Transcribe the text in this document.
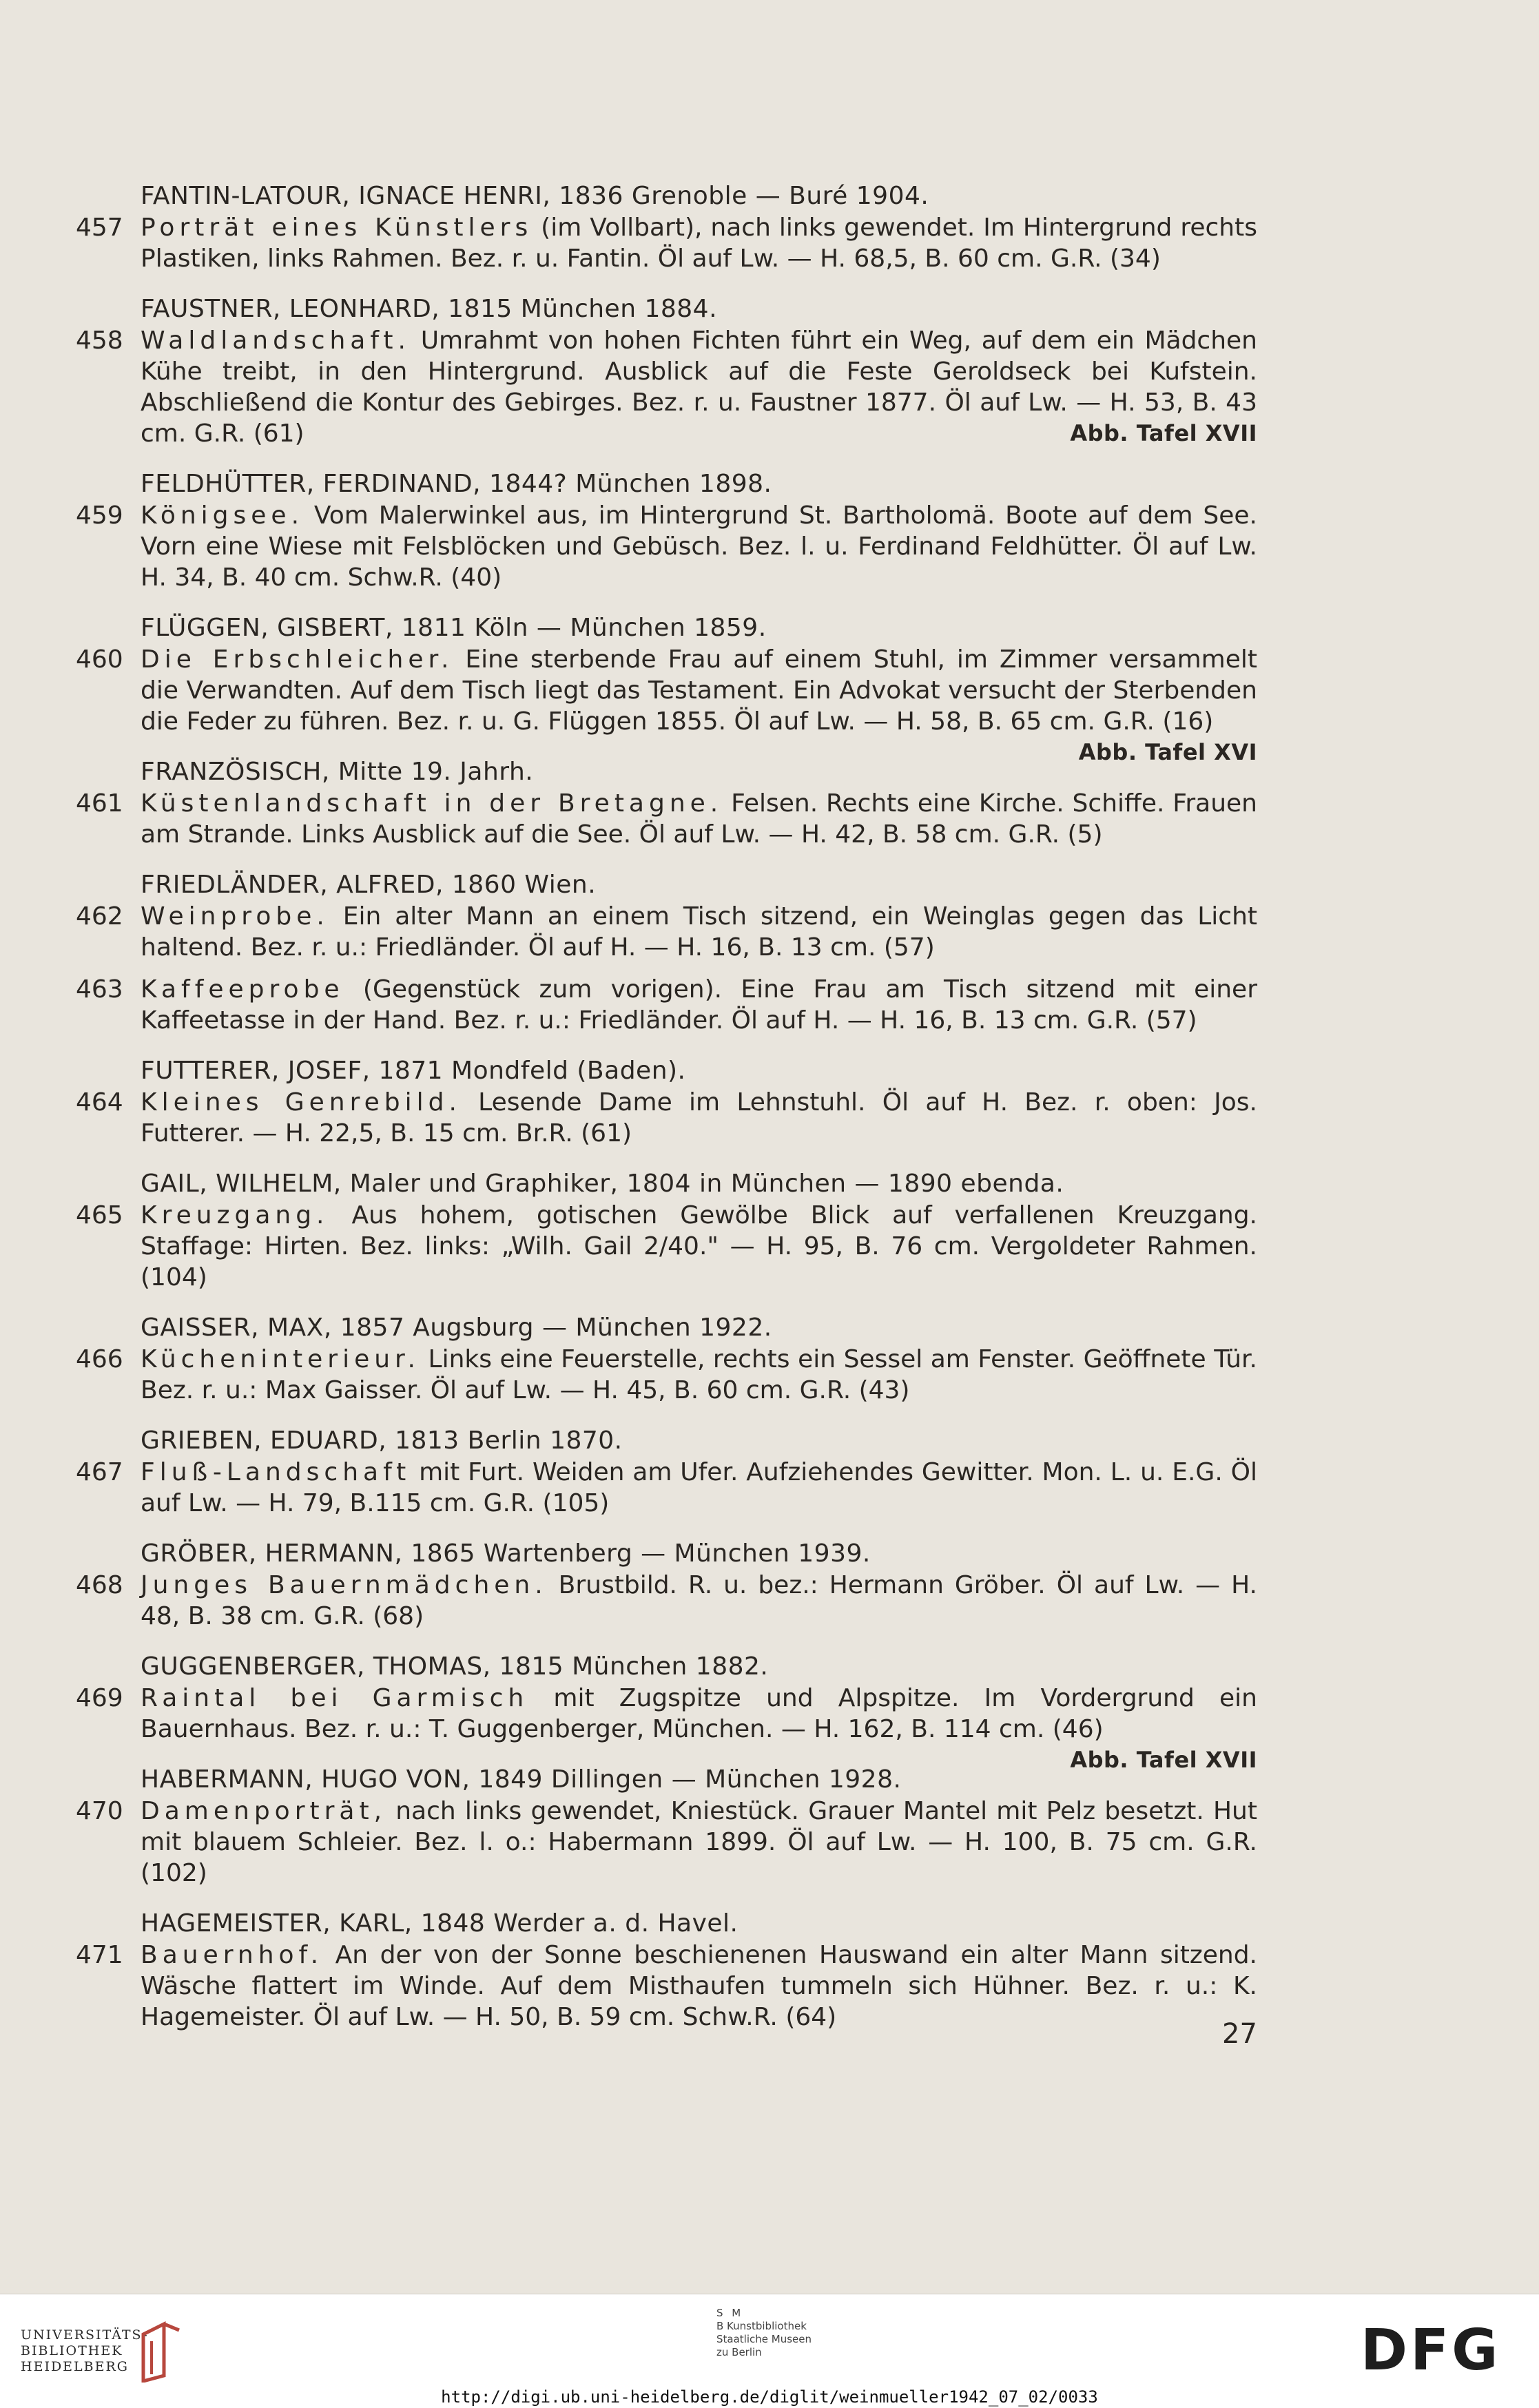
FANTIN-LATOUR, IGNACE HENRI, 1836 Grenoble — Buré 1904.
457 Porträt eines Künstlers (im Vollbart), nach links gewendet. Im Hintergrund rechts Plastiken, links Rahmen. Bez. r. u. Fantin. Öl auf Lw. — H. 68,5, B. 60 cm. G.R. (34)
FAUSTNER, LEONHARD, 1815 München 1884.
458 Waldlandschaft. Umrahmt von hohen Fichten führt ein Weg, auf dem ein Mädchen Kühe treibt, in den Hintergrund. Ausblick auf die Feste Geroldseck bei Kufstein. Abschließend die Kontur des Gebirges. Bez. r. u. Faustner 1877. Öl auf Lw. — H. 53, B. 43 cm. G.R. (61)	Abb. Tafel XVII
FELDHÜTTER, FERDINAND, 1844? München 1898.
459 Königsee. Vom Malerwinkel aus, im Hintergrund St. Bartholomä. Boote auf dem See. Vorn eine Wiese mit Felsblöcken und Gebüsch. Bez. l. u. Ferdinand Feldhütter. Öl auf Lw. H. 34, B. 40 cm. Schw.R. (40)
FLÜGGEN, GISBERT, 1811 Köln — München 1859.
460 Die Erbschleicher. Eine sterbende Frau auf einem Stuhl, im Zimmer versammelt die Verwandten. Auf dem Tisch liegt das Testament. Ein Advokat versucht der Sterbenden die Feder zu führen. Bez. r. u. G. Flüggen 1855. Öl auf Lw. — H. 58, B. 65 cm. G.R. (16)
Abb. Tafel XVI
FRANZÖSISCH, Mitte 19. Jahrh.
461 Küstenlandschaft in der Bretagne. Felsen. Rechts eine Kirche. Schiffe. Frauen am Strande. Links Ausblick auf die See. Öl auf Lw. — H. 42, B. 58 cm. G.R. (5)
FRIEDLÄNDER, ALFRED, 1860 Wien.
462 Weinprobe. Ein alter Mann an einem Tisch sitzend, ein Weinglas gegen das Licht haltend. Bez. r. u.: Friedländer. Öl auf H. — H. 16, B. 13 cm. (57)
463 Kaffeeprobe (Gegenstück zum vorigen). Eine Frau am Tisch sitzend mit einer Kaffeetasse in der Hand. Bez. r. u.: Friedländer. Öl auf H. — H. 16, B. 13 cm. G.R. (57)
FUTTERER, JOSEF, 1871 Mondfeld (Baden).
464 Kleines Genrebild. Lesende Dame im Lehnstuhl. Öl auf H. Bez. r. oben: Jos. Futterer. — H. 22,5, B. 15 cm. Br.R. (61)
GAIL, WILHELM, Maler und Graphiker, 1804 in München — 1890 ebenda.
465 Kreuzgang. Aus hohem, gotischen Gewölbe Blick auf verfallenen Kreuzgang. Staffage: Hirten. Bez. links: „Wilh. Gail 2/40." — H. 95, B. 76 cm. Vergoldeter Rahmen. (104)
GAISSER, MAX, 1857 Augsburg — München 1922.
466 Kücheninterieur. Links eine Feuerstelle, rechts ein Sessel am Fenster. Geöffnete Tür. Bez. r. u.: Max Gaisser. Öl auf Lw. — H. 45, B. 60 cm. G.R. (43)
GRIEBEN, EDUARD, 1813 Berlin 1870.
467 Fluß-Landschaft mit Furt. Weiden am Ufer. Aufziehendes Gewitter. Mon. L. u. E.G. Öl auf Lw. — H. 79, B.115 cm. G.R. (105)
GRÖBER, HERMANN, 1865 Wartenberg — München 1939.
468 Junges Bauernmädchen. Brustbild. R. u. bez.: Hermann Gröber. Öl auf Lw. — H. 48, B. 38 cm. G.R. (68)
GUGGENBERGER, THOMAS, 1815 München 1882.
469 Raintal bei Garmisch mit Zugspitze und Alpspitze. Im Vordergrund ein Bauernhaus. Bez. r. u.: T. Guggenberger, München. — H. 162, B. 114 cm. (46)
Abb. Tafel XVII
HABERMANN, HUGO VON, 1849 Dillingen — München 1928.
470 Damenporträt, nach links gewendet, Kniestück. Grauer Mantel mit Pelz besetzt. Hut mit blauem Schleier. Bez. l. o.: Habermann 1899. Öl auf Lw. — H. 100, B. 75 cm. G.R. (102)
HAGEMEISTER, KARL, 1848 Werder a. d. Havel.
471 Bauernhof. An der von der Sonne beschienenen Hauswand ein alter Mann sitzend. Wäsche flattert im Winde. Auf dem Misthaufen tummeln sich Hühner. Bez. r. u.: K. Hagemeister. Öl auf Lw. — H. 50, B. 59 cm. Schw.R. (64)
27
UNIVERSITÄTS-
BIBLIOTHEK
HEIDELBERG
S M
B Kunstbibliothek
Staatliche Museen
zu Berlin	DFG
http://digi.ub.uni-heidelberg.de/diglit/weinmueller1942_07_02/0033
